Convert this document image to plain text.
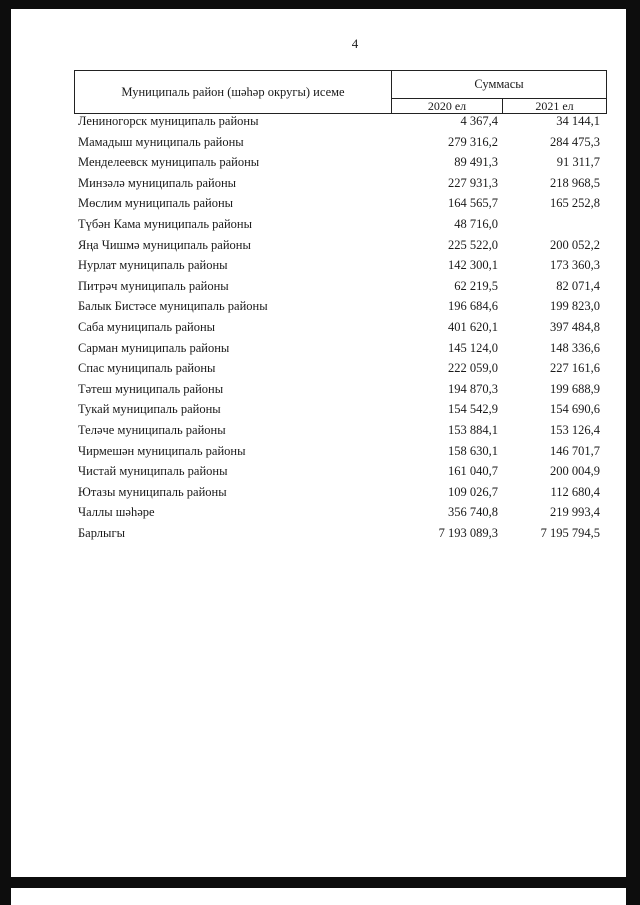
4
Муниципаль район (шәһәр округы) исеме
Суммасы
2020 ел	2021 ел
Лениногорск муниципаль районы	4 367,4	34 144,1
Мамадыш муниципаль районы	279 316,2	284 475,3
Менделеевск муниципаль районы	89 491,3	91 311,7
Минзәлә муниципаль районы	227 931,3	218 968,5
Мөслим муниципаль районы	164 565,7	165 252,8
Түбән Кама муниципаль районы	48 716,0
Яңа Чишмә муниципаль районы	225 522,0	200 052,2
Нурлат муниципаль районы	142 300,1	173 360,3
Питрәч муниципаль районы	62 219,5	82 071,4
Балык Бистәсе муниципаль районы	196 684,6	199 823,0
Саба муниципаль районы	401 620,1	397 484,8
Сарман муниципаль районы	145 124,0	148 336,6
Спас муниципаль районы	222 059,0	227 161,6
Тәтеш муниципаль районы	194 870,3	199 688,9
Тукай муниципаль районы	154 542,9	154 690,6
Теләче муниципаль районы	153 884,1	153 126,4
Чирмешән муниципаль районы	158 630,1	146 701,7
Чистай муниципаль районы	161 040,7	200 004,9
Ютазы муниципаль районы	109 026,7	112 680,4
Чаллы шәһәре	356 740,8	219 993,4
Барлыгы	7 193 089,3	7 195 794,5
